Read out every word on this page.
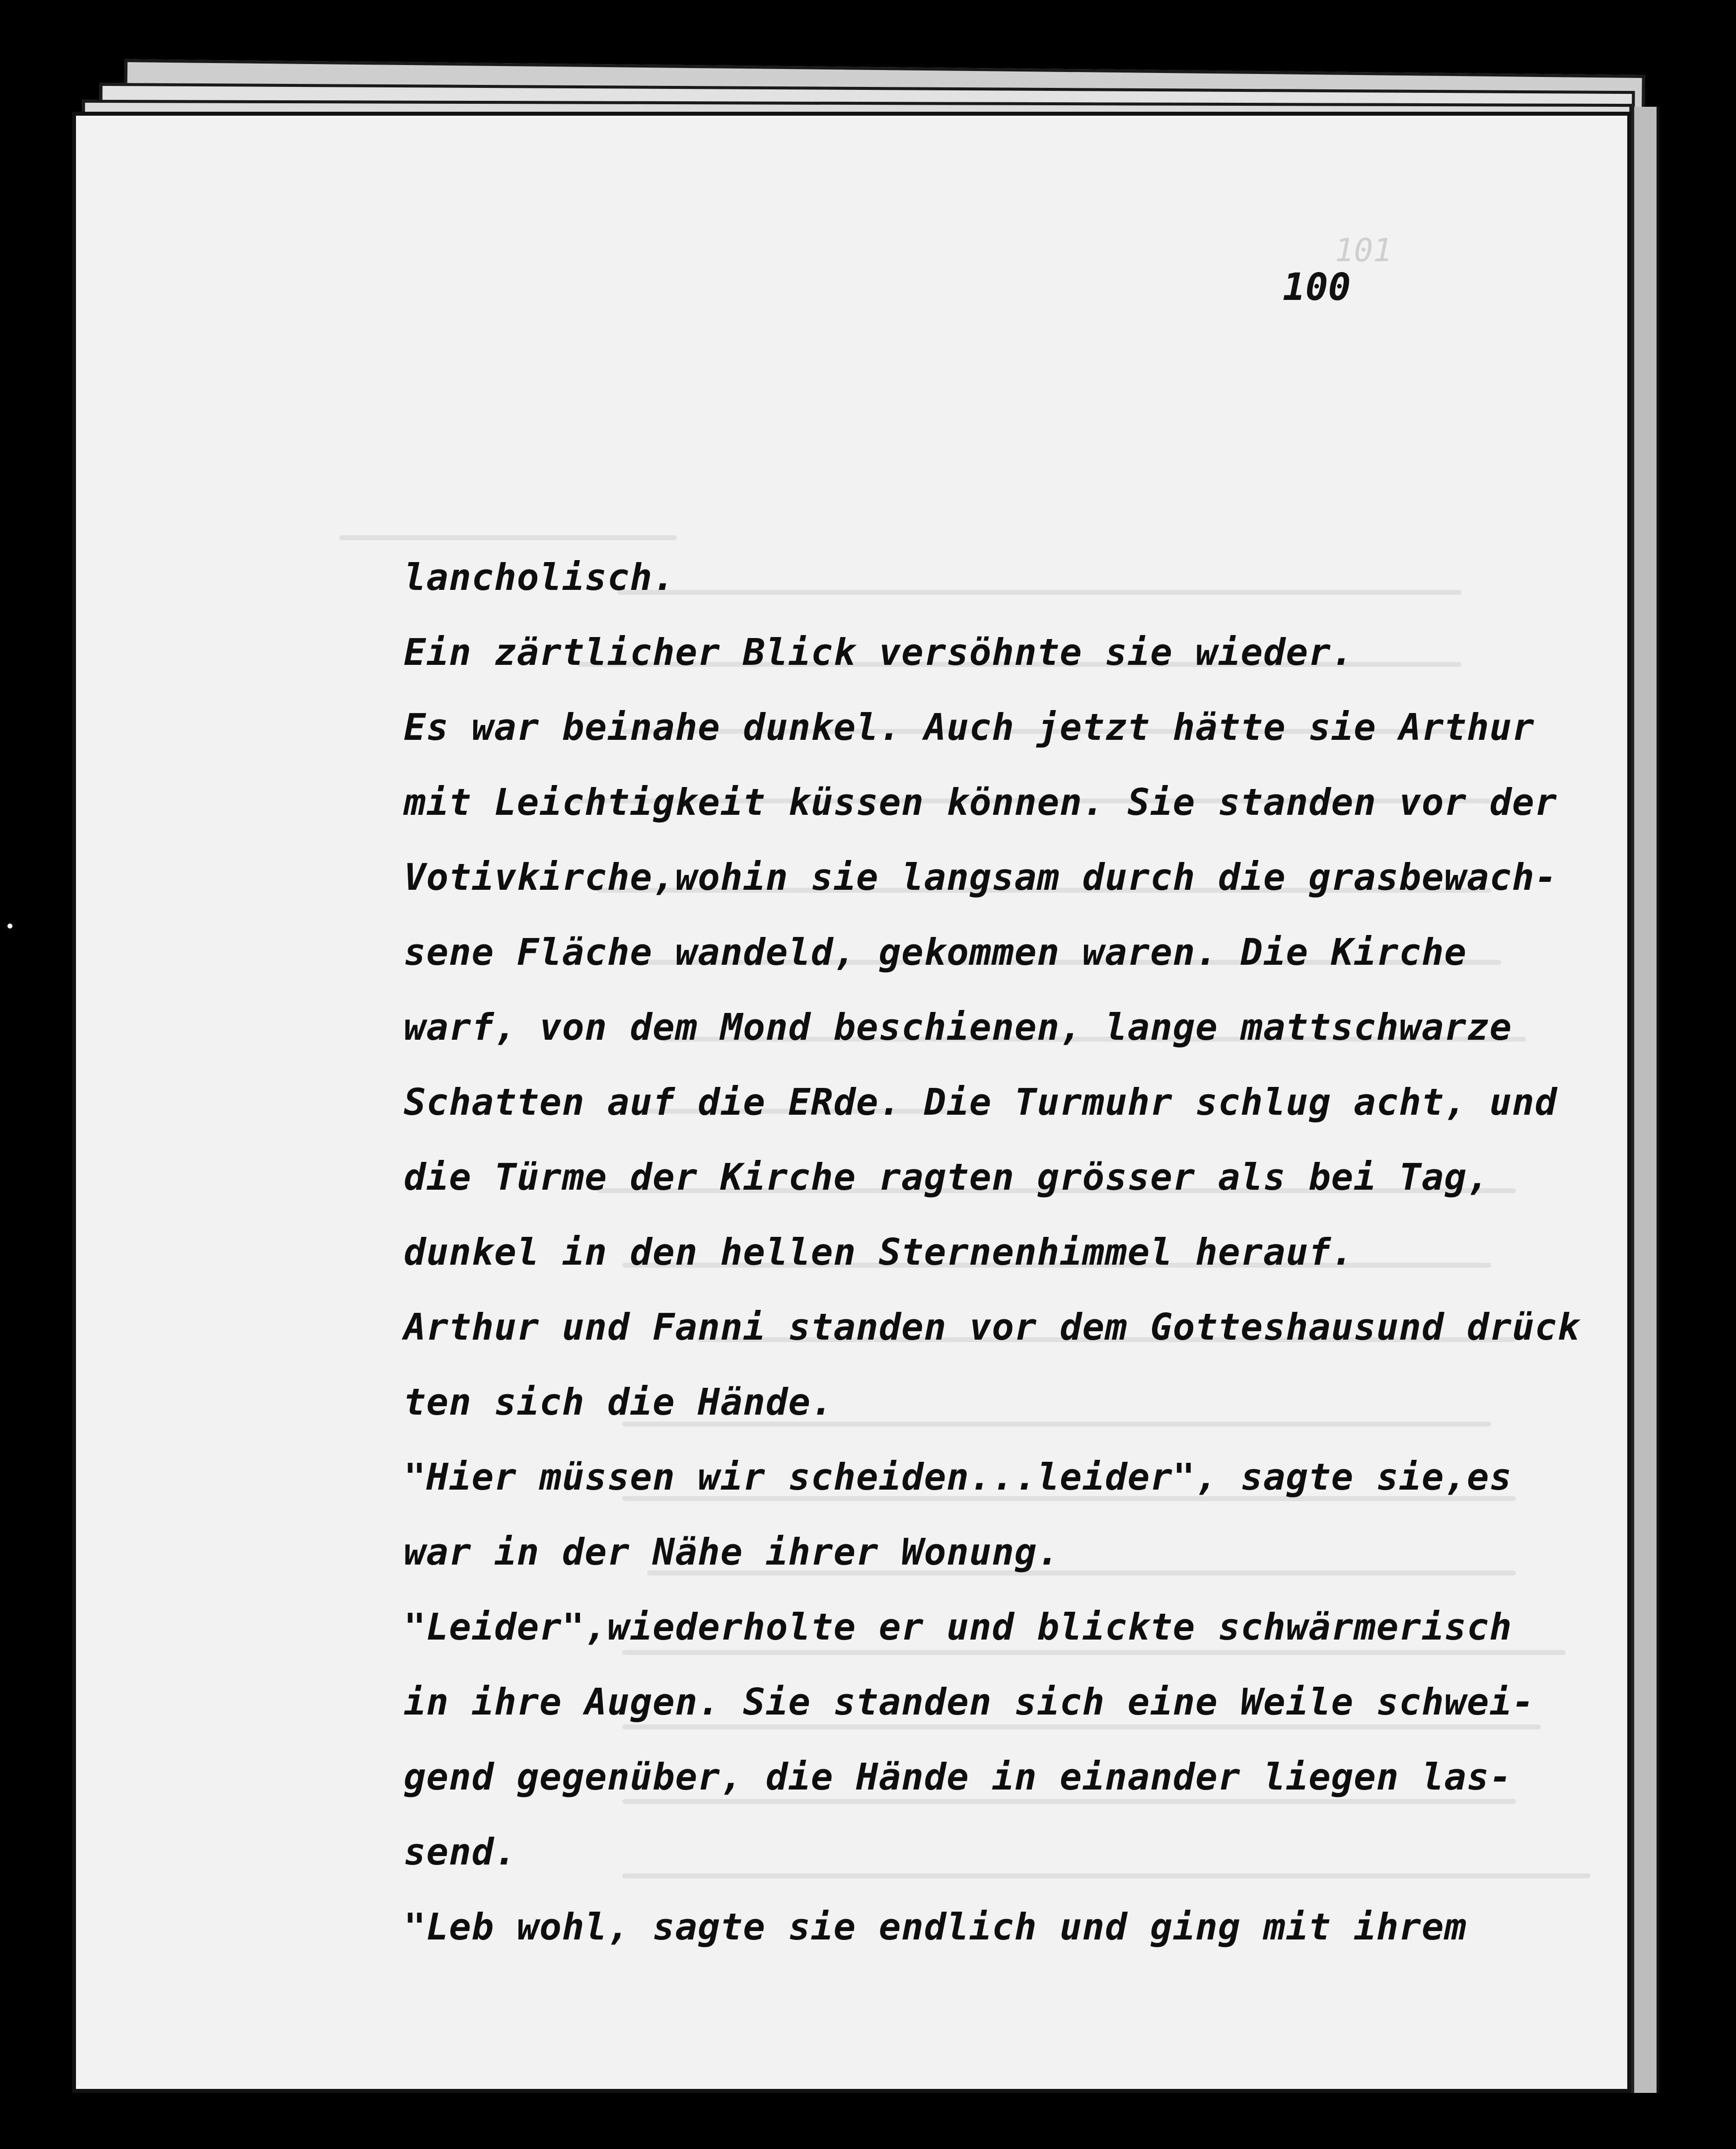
101
100
lancholisch.
Ein zärtlicher Blick versöhnte sie wieder.
Es war beinahe dunkel. Auch jetzt hätte sie Arthur
mit Leichtigkeit küssen können. Sie standen vor der
Votivkirche,wohin sie langsam durch die grasbewach-
sene Fläche wandeld, gekommen waren. Die Kirche
warf, von dem Mond beschienen, lange mattschwarze
Schatten auf die ERde. Die Turmuhr schlug acht, und
die Türme der Kirche ragten grösser als bei Tag,
dunkel in den hellen Sternenhimmel herauf.
Arthur und Fanni standen vor dem Gotteshausund drück
ten sich die Hände.
"Hier müssen wir scheiden...leider", sagte sie,es
war in der Nähe ihrer Wonung.
"Leider",wiederholte er und blickte schwärmerisch
in ihre Augen. Sie standen sich eine Weile schwei-
gend gegenüber, die Hände in einander liegen las-
send.
"Leb wohl, sagte sie endlich und ging mit ihrem
